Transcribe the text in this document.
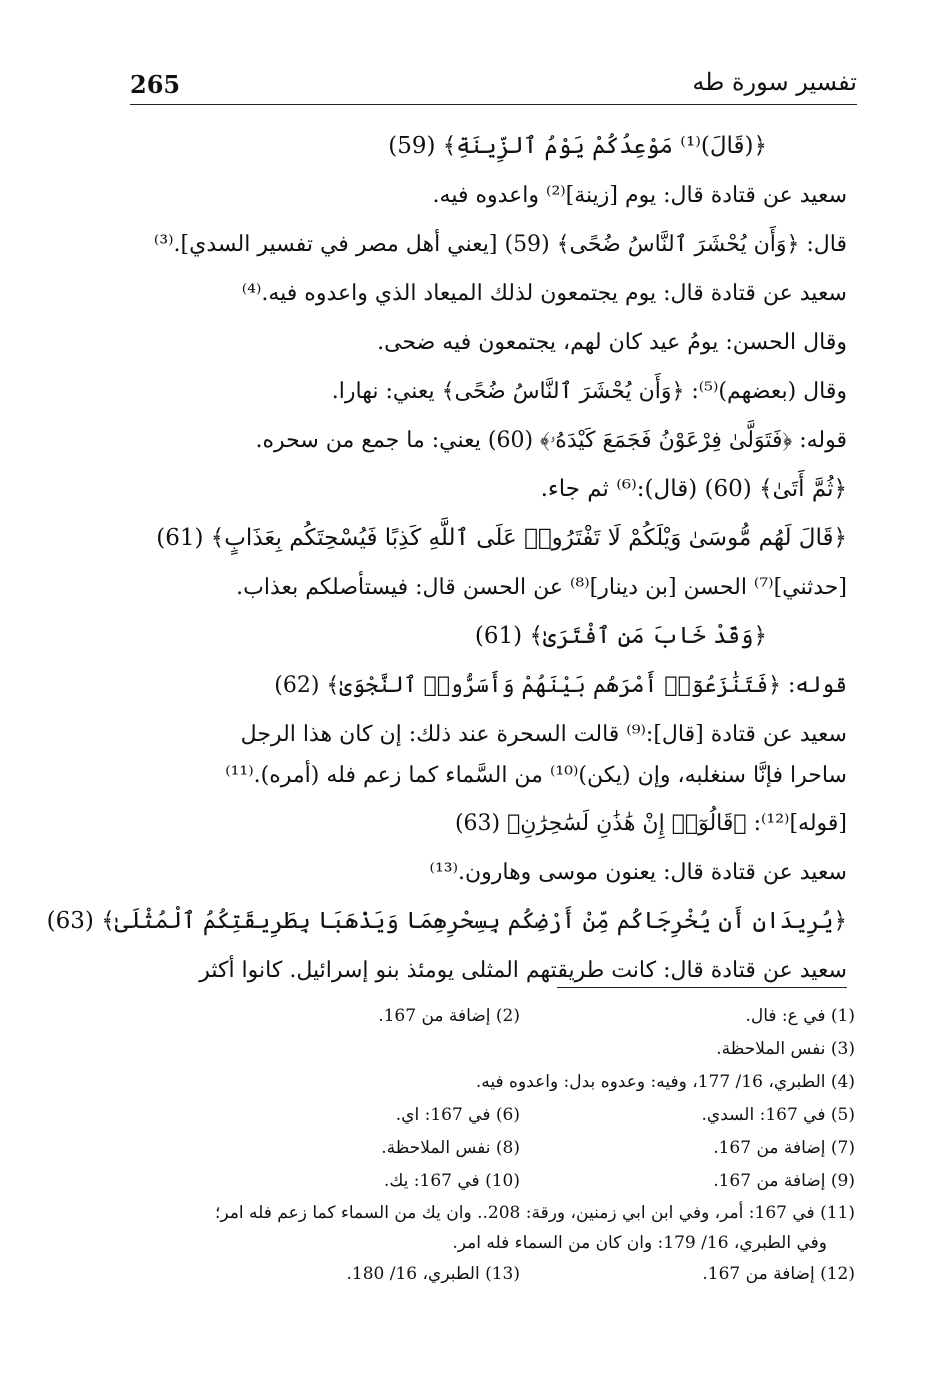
265	تفسير سورة طه
﴿(قَالَ)⁽¹⁾ مَوْعِدُكُمْ يَوْمُ ٱلزِّينَةِ﴾ (59)
سعيد عن قتادة قال: يوم [زينة]⁽²⁾ واعدوه فيه.
قال: ﴿وَأَن يُحْشَرَ ٱلنَّاسُ ضُحًى﴾ (59) [يعني أهل مصر في تفسير السدي].⁽³⁾
سعيد عن قتادة قال: يوم يجتمعون لذلك الميعاد الذي واعدوه فيه.⁽⁴⁾
وقال الحسن: يومُ عيد كان لهم، يجتمعون فيه ضحى.
وقال (بعضهم)⁽⁵⁾: ﴿وَأَن يُحْشَرَ ٱلنَّاسُ ضُحًى﴾ يعني: نهارا.
قوله: ﴿فَتَوَلَّىٰ فِرْعَوْنُ فَجَمَعَ كَيْدَهُۥ﴾ (60) يعني: ما جمع من سحره.
﴿ثُمَّ أَتَىٰ﴾ (60) (قال):⁽⁶⁾ ثم جاء.
﴿قَالَ لَهُم مُّوسَىٰ وَيْلَكُمْ لَا تَفْتَرُوا۟ عَلَى ٱللَّهِ كَذِبًا فَيُسْحِتَكُم بِعَذَابٍ﴾ (61)
[حدثني]⁽⁷⁾ الحسن [بن دينار]⁽⁸⁾ عن الحسن قال: فيستأصلكم بعذاب.
﴿وَقَدْ خَابَ مَنِ ٱفْتَرَىٰ﴾ (61)
قوله: ﴿فَتَنَٰزَعُوٓا۟ أَمْرَهُم بَيْنَهُمْ وَأَسَرُّوا۟ ٱلنَّجْوَىٰ﴾ (62)
سعيد عن قتادة [قال]:⁽⁹⁾ قالت السحرة عند ذلك: إن كان هذا الرجل
ساحرا فإنَّا سنغلبه، وإن (يكن)⁽¹⁰⁾ من السَّماء كما زعم فله (أمره).⁽¹¹⁾
[قوله]⁽¹²⁾: ﴿قَالُوٓا۟ إِنْ هَٰذَٰنِ لَسَٰحِرَٰنِ﴾ (63)
سعيد عن قتادة قال: يعنون موسى وهارون.⁽¹³⁾
﴿يُرِيدَانِ أَن يُخْرِجَاكُم مِّنْ أَرْضِكُم بِسِحْرِهِمَا وَيَذْهَبَا بِطَرِيقَتِكُمُ ٱلْمُثْلَىٰ﴾ (63)
سعيد عن قتادة قال: كانت طريقتهم المثلى يومئذ بنو إسرائيل. كانوا أكثر
(1) في ع: فال.
(2) إضافة من 167.
(3) نفس الملاحظة.
(4) الطبري، 16/ 177، وفيه: وعدوه بدل: واعدوه فيه.
(5) في 167: السدي.
(6) في 167: اي.
(7) إضافة من 167.
(8) نفس الملاحظة.
(9) إضافة من 167.
(10) في 167: يك.
(11) في 167: أمر، وفي ابن ابي زمنين، ورقة: 208.. وان يك من السماء كما زعم فله امر؛
وفي الطبري، 16/ 179: وان كان من السماء فله امر.
(12) إضافة من 167.
(13) الطبري، 16/ 180.
